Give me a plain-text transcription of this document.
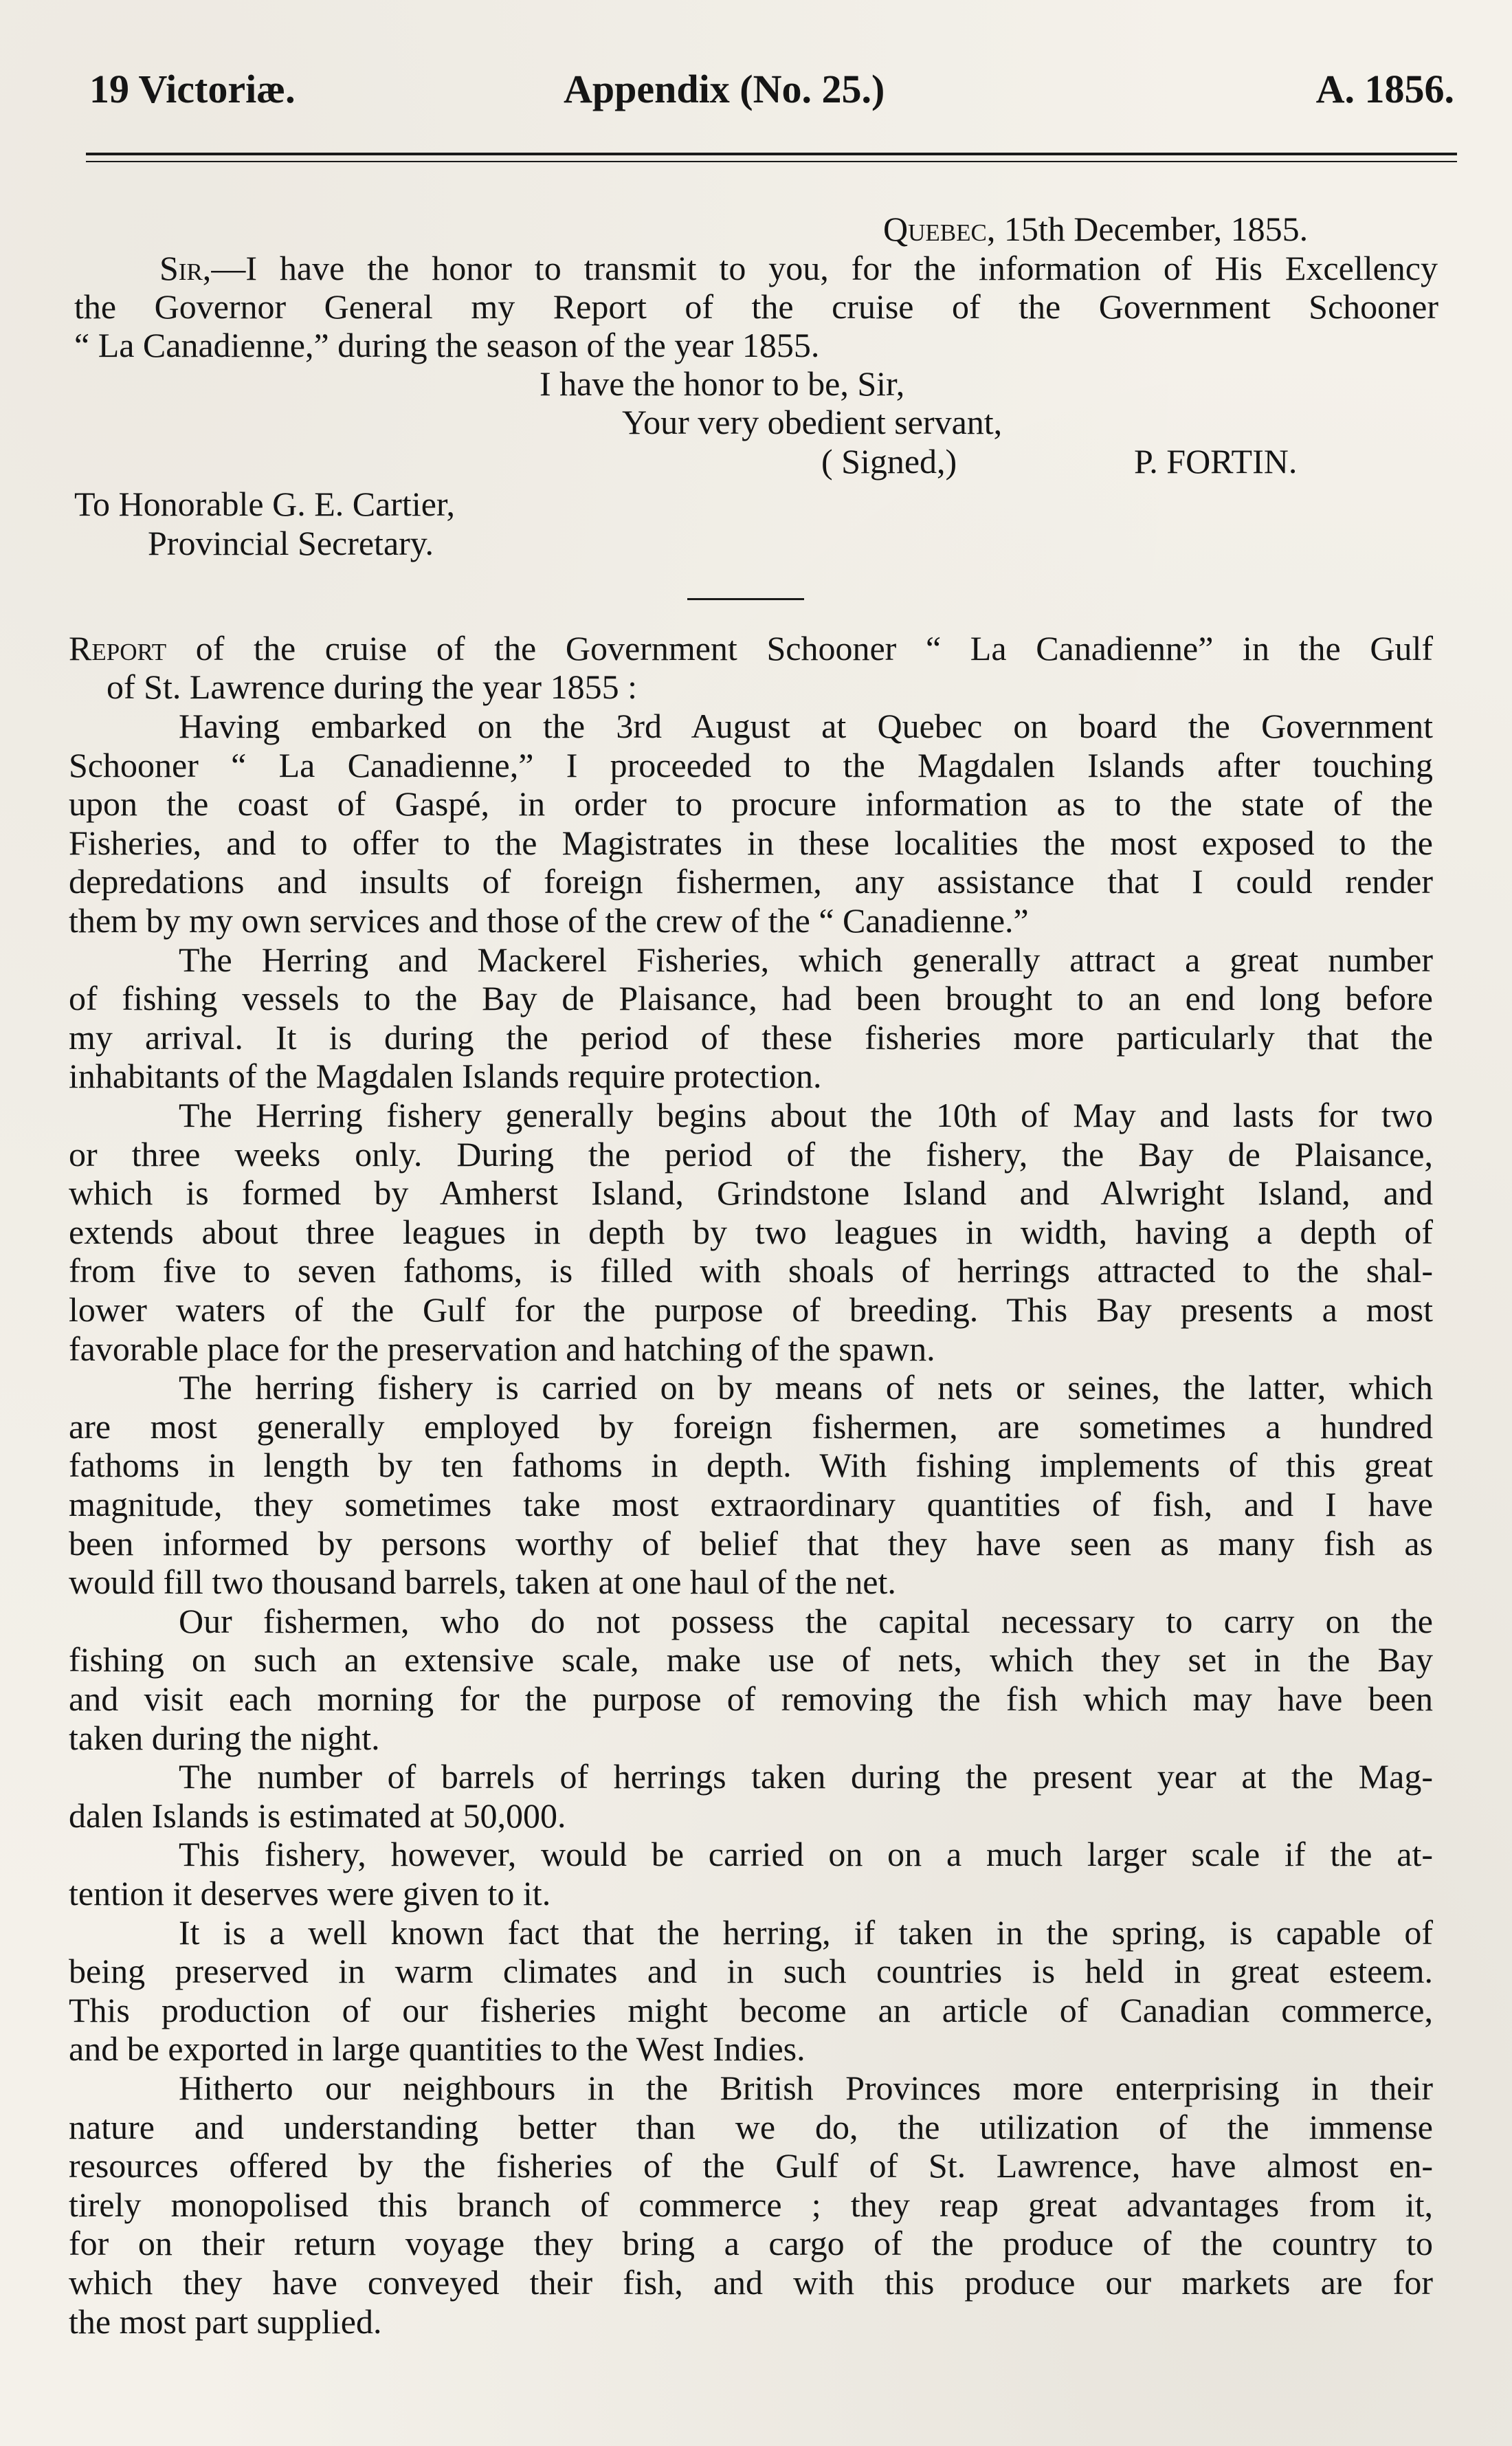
19 Victoriæ.	Appendix (No. 25.)	A. 1856.
Quebec, 15th December, 1855.
Sir,—I have the honor to transmit to you, for the information of His Excellency
the Governor General my Report of the cruise of the Government Schooner
“ La Canadienne,” during the season of the year 1855.
I have the honor to be, Sir,
Your very obedient servant,
( Signed,)	P. FORTIN.
To Honorable G. E. Cartier,
Provincial Secretary.
Report of the cruise of the Government Schooner “ La Canadienne” in the Gulf
of St. Lawrence during the year 1855 :
Having embarked on the 3rd August at Quebec on board the Government
Schooner “ La Canadienne,” I proceeded to the Magdalen Islands after touching
upon the coast of Gaspé, in order to procure information as to the state of the
Fisheries, and to offer to the Magistrates in these localities the most exposed to the
depredations and insults of foreign fishermen, any assistance that I could render
them by my own services and those of the crew of the “ Canadienne.”
The Herring and Mackerel Fisheries, which generally attract a great number
of fishing vessels to the Bay de Plaisance, had been brought to an end long before
my arrival. It is during the period of these fisheries more particularly that the
inhabitants of the Magdalen Islands require protection.
The Herring fishery generally begins about the 10th of May and lasts for two
or three weeks only. During the period of the fishery, the Bay de Plaisance,
which is formed by Amherst Island, Grindstone Island and Alwright Island, and
extends about three leagues in depth by two leagues in width, having a depth of
from five to seven fathoms, is filled with shoals of herrings attracted to the shal-
lower waters of the Gulf for the purpose of breeding. This Bay presents a most
favorable place for the preservation and hatching of the spawn.
The herring fishery is carried on by means of nets or seines, the latter, which
are most generally employed by foreign fishermen, are sometimes a hundred
fathoms in length by ten fathoms in depth. With fishing implements of this great
magnitude, they sometimes take most extraordinary quantities of fish, and I have
been informed by persons worthy of belief that they have seen as many fish as
would fill two thousand barrels, taken at one haul of the net.
Our fishermen, who do not possess the capital necessary to carry on the
fishing on such an extensive scale, make use of nets, which they set in the Bay
and visit each morning for the purpose of removing the fish which may have been
taken during the night.
The number of barrels of herrings taken during the present year at the Mag-
dalen Islands is estimated at 50,000.
This fishery, however, would be carried on on a much larger scale if the at-
tention it deserves were given to it.
It is a well known fact that the herring, if taken in the spring, is capable of
being preserved in warm climates and in such countries is held in great esteem.
This production of our fisheries might become an article of Canadian commerce,
and be exported in large quantities to the West Indies.
Hitherto our neighbours in the British Provinces more enterprising in their
nature and understanding better than we do, the utilization of the immense
resources offered by the fisheries of the Gulf of St. Lawrence, have almost en-
tirely monopolised this branch of commerce ; they reap great advantages from it,
for on their return voyage they bring a cargo of the produce of the country to
which they have conveyed their fish, and with this produce our markets are for
the most part supplied.
